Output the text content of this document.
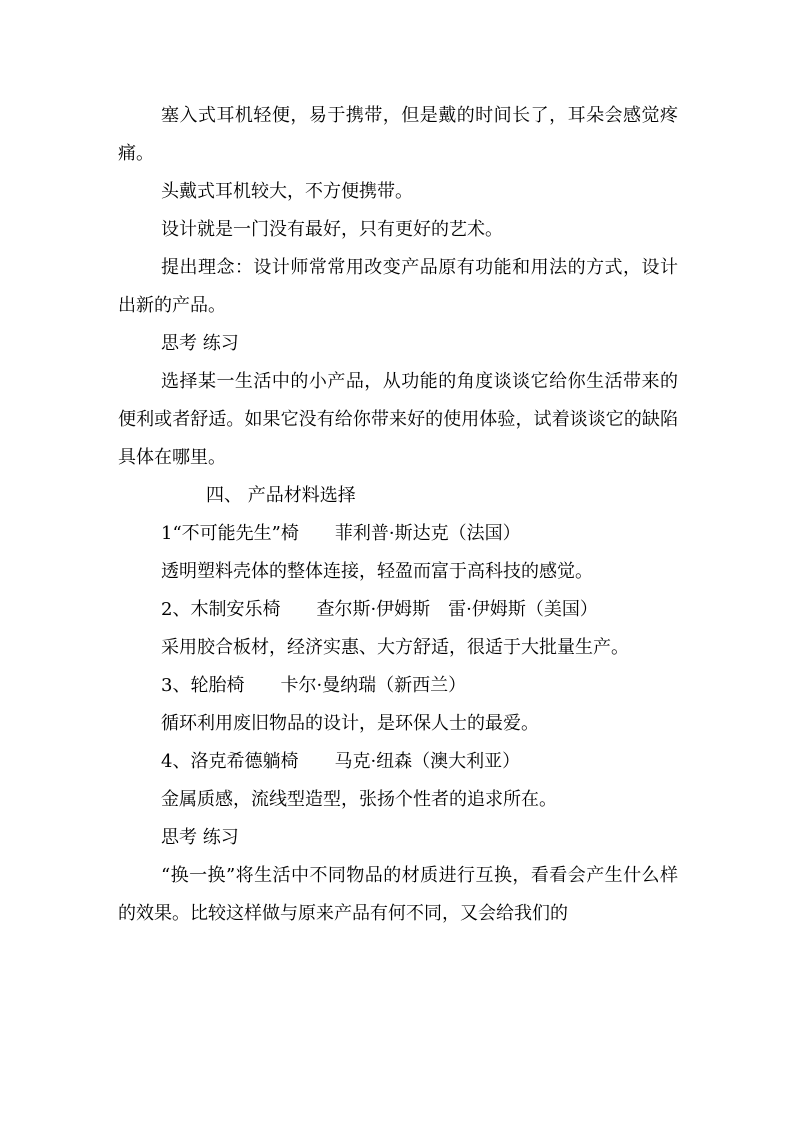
塞入式耳机轻便，易于携带，但是戴的时间长了，耳朵会感觉疼痛。

头戴式耳机较大，不方便携带。

设计就是一门没有最好，只有更好的艺术。

提出理念：设计师常常用改变产品原有功能和用法的方式，设计出新的产品。

思考 练习

选择某一生活中的小产品，从功能的角度谈谈它给你生活带来的便利或者舒适。如果它没有给你带来好的使用体验，试着谈谈它的缺陷具体在哪里。

四、 产品材料选择

1“不可能先生”椅　　菲利普·斯达克（法国）

透明塑料壳体的整体连接，轻盈而富于高科技的感觉。

2、木制安乐椅　　查尔斯·伊姆斯　雷·伊姆斯（美国）

采用胶合板材，经济实惠、大方舒适，很适于大批量生产。

3、轮胎椅　　卡尔·曼纳瑞（新西兰）

循环利用废旧物品的设计，是环保人士的最爱。

4、洛克希德躺椅　　马克·纽森（澳大利亚）

金属质感，流线型造型，张扬个性者的追求所在。

思考 练习

“换一换”将生活中不同物品的材质进行互换，看看会产生什么样的效果。比较这样做与原来产品有何不同，又会给我们的
